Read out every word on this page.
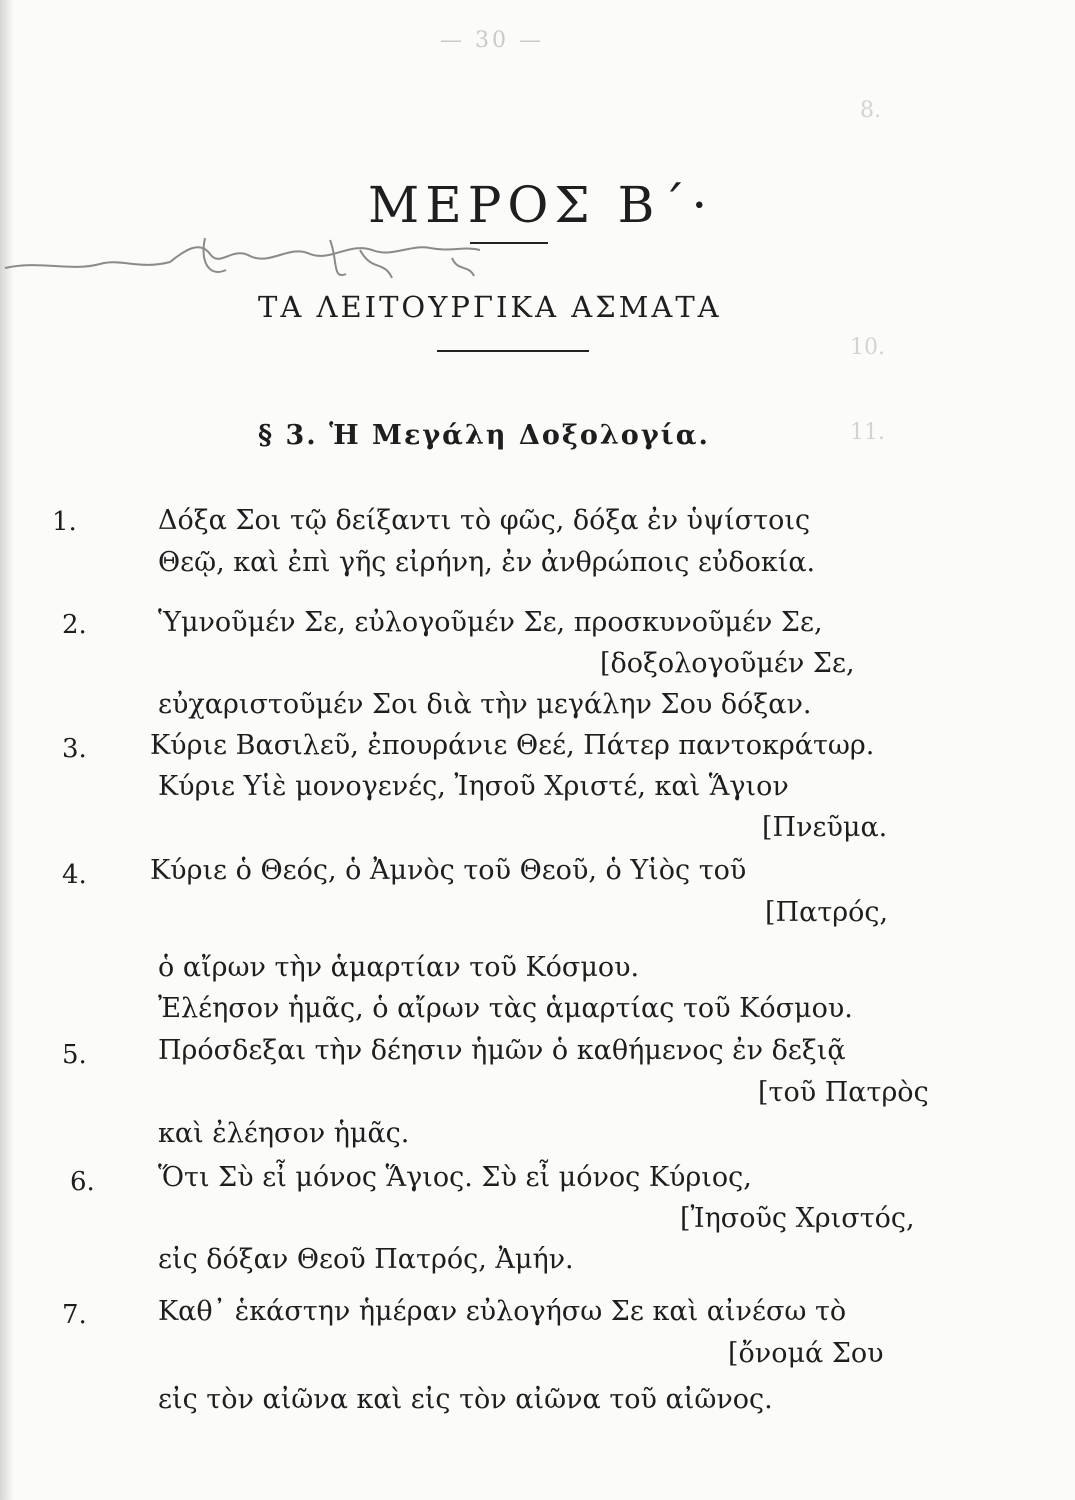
8.
10.
11.
— 30 —
ΜΕΡΟΣ Β΄·
ΤΑ ΛΕΙΤΟΥΡΓΙΚΑ ΑΣΜΑΤΑ
§ 3. Ἡ Μεγάλη Δοξολογία.
1.	Δόξα Σοι τῷ δείξαντι τὸ φῶς, δόξα ἐν ὑψίστοις
Θεῷ, καὶ ἐπὶ γῆς εἰρήνη, ἐν ἀνθρώποις εὐδοκία.
2.	Ὑμνοῦμέν Σε, εὐλογοῦμέν Σε, προσκυνοῦμέν Σε,
[δοξολογοῦμέν Σε,
εὐχαριστοῦμέν Σοι διὰ τὴν μεγάλην Σου δόξαν.
3. Κύριε Βασιλεῦ, ἐπουράνιε Θεέ, Πάτερ παντοκράτωρ.
Κύριε Υἱὲ μονογενές, Ἰησοῦ Χριστέ, καὶ Ἅγιον
[Πνεῦμα.
4. Κύριε ὁ Θεός, ὁ Ἀμνὸς τοῦ Θεοῦ, ὁ Υἱὸς τοῦ
[Πατρός,
ὁ αἴρων τὴν ἁμαρτίαν τοῦ Κόσμου.
Ἐλέησον ἡμᾶς, ὁ αἴρων τὰς ἁμαρτίας τοῦ Κόσμου.
5.	Πρόσδεξαι τὴν δέησιν ἡμῶν ὁ καθήμενος ἐν δεξιᾷ
[τοῦ Πατρὸς
καὶ ἐλέησον ἡμᾶς.
6. Ὅτι Σὺ εἶ μόνος Ἅγιος. Σὺ εἶ μόνος Κύριος,
[Ἰησοῦς Χριστός,
εἰς δόξαν Θεοῦ Πατρός, Ἀμήν.
7.	Καθ᾿ ἑκάστην ἡμέραν εὐλογήσω Σε καὶ αἰνέσω τὸ
[ὄνομά Σου
εἰς τὸν αἰῶνα καὶ εἰς τὸν αἰῶνα τοῦ αἰῶνος.
